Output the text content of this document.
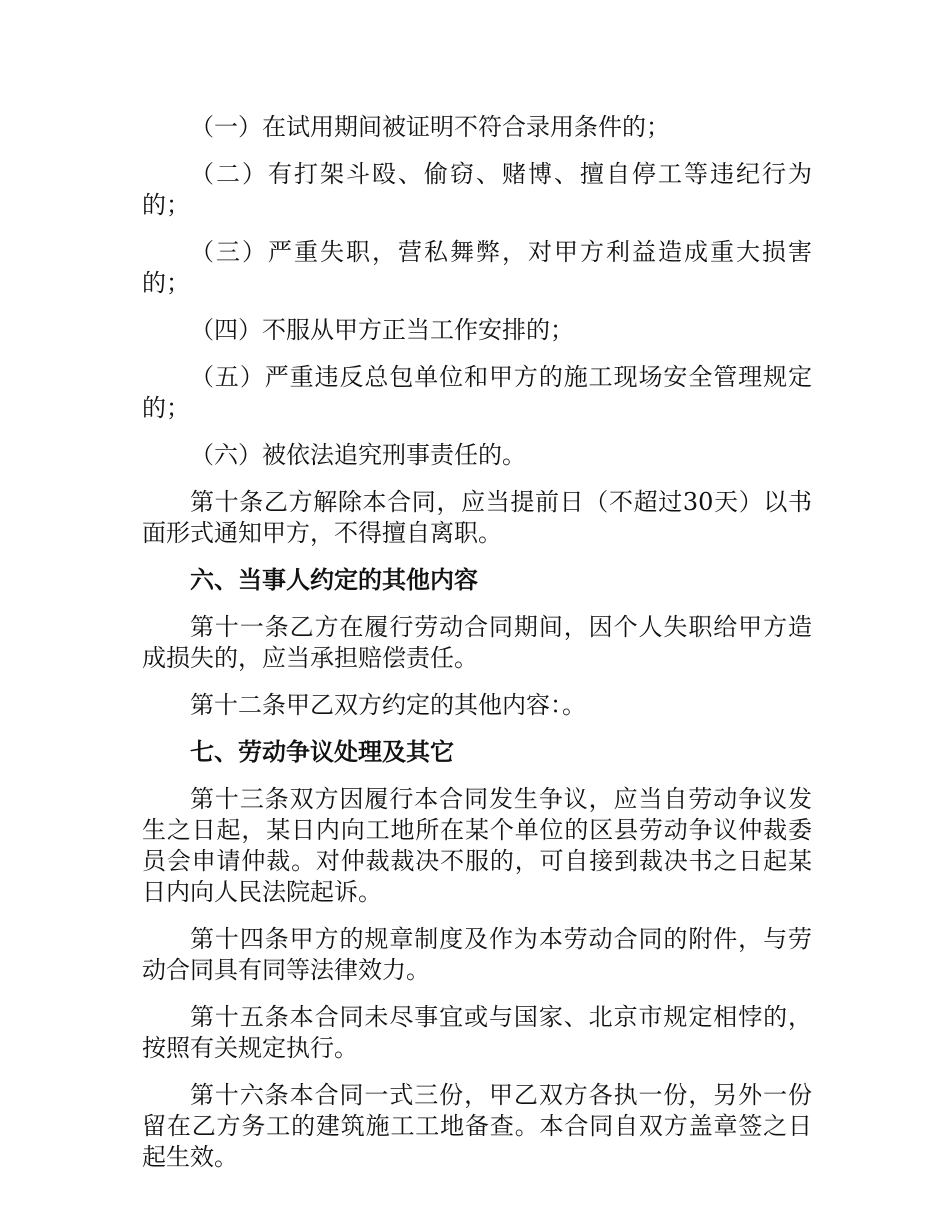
（一）在试用期间被证明不符合录用条件的；

（二）有打架斗殴、偷窃、赌博、擅自停工等违纪行为的；

（三）严重失职，营私舞弊，对甲方利益造成重大损害的；

（四）不服从甲方正当工作安排的；

（五）严重违反总包单位和甲方的施工现场安全管理规定的；

（六）被依法追究刑事责任的。

第十条乙方解除本合同，应当提前日（不超过30天）以书面形式通知甲方，不得擅自离职。

六、当事人约定的其他内容

第十一条乙方在履行劳动合同期间，因个人失职给甲方造成损失的，应当承担赔偿责任。

第十二条甲乙双方约定的其他内容：。

七、劳动争议处理及其它

第十三条双方因履行本合同发生争议，应当自劳动争议发生之日起，某日内向工地所在某个单位的区县劳动争议仲裁委员会申请仲裁。对仲裁裁决不服的，可自接到裁决书之日起某日内向人民法院起诉。

第十四条甲方的规章制度及作为本劳动合同的附件，与劳动合同具有同等法律效力。

第十五条本合同未尽事宜或与国家、北京市规定相悖的，按照有关规定执行。

第十六条本合同一式三份，甲乙双方各执一份，另外一份留在乙方务工的建筑施工工地备查。本合同自双方盖章签之日起生效。
